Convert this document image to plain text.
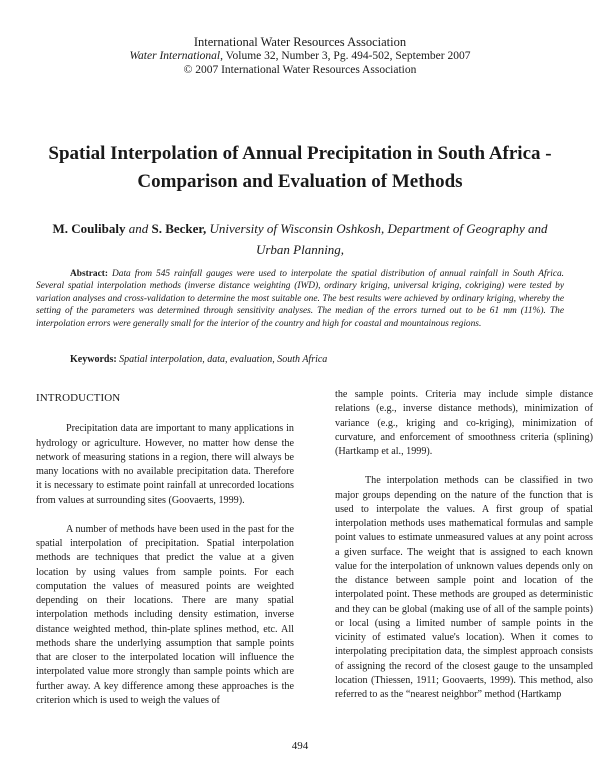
International Water Resources Association
Water International, Volume 32, Number 3, Pg. 494-502, September 2007
© 2007 International Water Resources Association
Spatial Interpolation of Annual Precipitation in South Africa - Comparison and Evaluation of Methods
M. Coulibaly and S. Becker, University of Wisconsin Oshkosh, Department of Geography and Urban Planning,
Abstract: Data from 545 rainfall gauges were used to interpolate the spatial distribution of annual rainfall in South Africa. Several spatial interpolation methods (inverse distance weighting (IWD), ordinary kriging, universal kriging, cokriging) were tested by variation analyses and cross-validation to determine the most suitable one. The best results were achieved by ordinary kriging, whereby the setting of the parameters was determined through sensitivity analyses. The median of the errors turned out to be 61 mm (11%). The interpolation errors were generally small for the interior of the country and high for coastal and mountainous regions.
Keywords: Spatial interpolation, data, evaluation, South Africa
INTRODUCTION

Precipitation data are important to many applications in hydrology or agriculture. However, no matter how dense the network of measuring stations in a region, there will always be many locations with no available precipitation data. Therefore it is necessary to estimate point rainfall at unrecorded locations from values at surrounding sites (Goovaerts, 1999).

A number of methods have been used in the past for the spatial interpolation of precipitation. Spatial interpolation methods are techniques that predict the value at a given location by using values from sample points. For each computation the values of measured points are weighted depending on their locations. There are many spatial interpolation methods including density estimation, inverse distance weighted method, thin-plate splines method, etc. All methods share the underlying assumption that sample points that are closer to the interpolated location will influence the interpolated value more strongly than sample points which are further away. A key difference among these approaches is the criterion which is used to weigh the values of

the sample points. Criteria may include simple distance relations (e.g., inverse distance methods), minimization of variance (e.g., kriging and co-kriging), minimization of curvature, and enforcement of smoothness criteria (splining) (Hartkamp et al., 1999).

The interpolation methods can be classified in two major groups depending on the nature of the function that is used to interpolate the values. A first group of spatial interpolation methods uses mathematical formulas and sample point values to estimate unmeasured values at any point across a given surface. The weight that is assigned to each known value for the interpolation of unknown values depends only on the distance between sample point and location of the interpolated point. These methods are grouped as deterministic and they can be global (making use of all of the sample points) or local (using a limited number of sample points in the vicinity of estimated value's location). When it comes to interpolating precipitation data, the simplest approach consists of assigning the record of the closest gauge to the unsampled location (Thiessen, 1911; Goovaerts, 1999). This method, also referred to as the “nearest neighbor” method (Hartkamp

494
